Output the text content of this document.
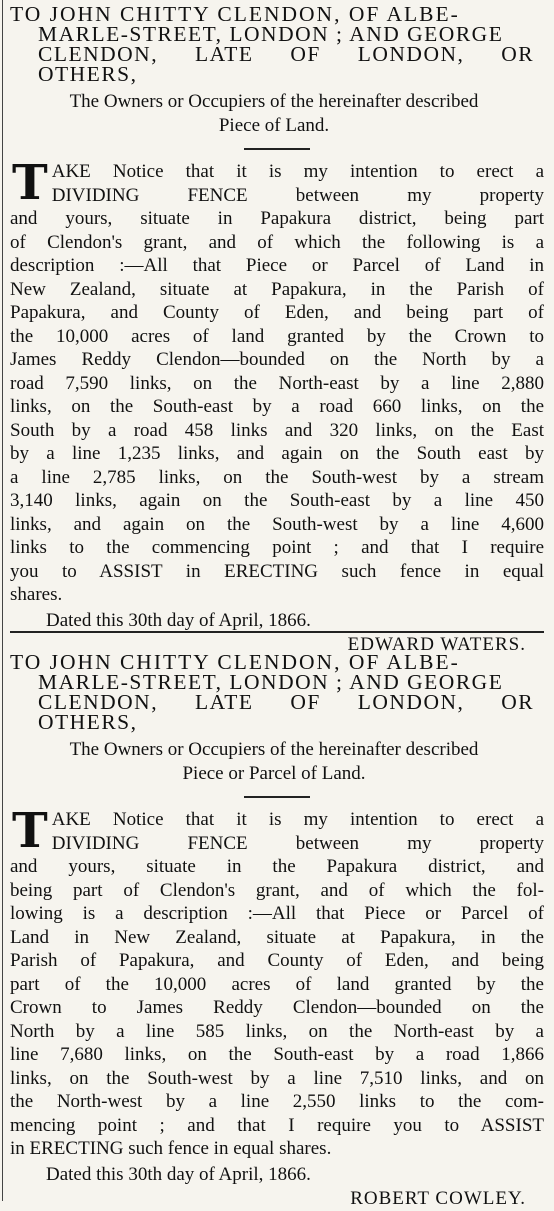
TO JOHN CHITTY CLENDON, OF ALBE-
MARLE-STREET, LONDON ; AND GEORGE
CLENDON, LATE OF LONDON, OR
OTHERS,
The Owners or Occupiers of the hereinafter described
Piece of Land.
T AKE Notice that it is my intention to erect a
DIVIDING FENCE between my property
and yours, situate in Papakura district, being part
of Clendon's grant, and of which the following is a
description :—All that Piece or Parcel of Land in
New Zealand, situate at Papakura, in the Parish of
Papakura, and County of Eden, and being part of
the 10,000 acres of land granted by the Crown to
James Reddy Clendon—bounded on the North by a
road 7,590 links, on the North-east by a line 2,880
links, on the South-east by a road 660 links, on the
South by a road 458 links and 320 links, on the East
by a line 1,235 links, and again on the South east by
a line 2,785 links, on the South-west by a stream
3,140 links, again on the South-east by a line 450
links, and again on the South-west by a line 4,600
links to the commencing point ; and that I require
you to ASSIST in ERECTING such fence in equal
shares.
Dated this 30th day of April, 1866.
EDWARD WATERS.
TO JOHN CHITTY CLENDON, OF ALBE-
MARLE-STREET, LONDON ; AND GEORGE
CLENDON, LATE OF LONDON, OR
OTHERS,
The Owners or Occupiers of the hereinafter described
Piece or Parcel of Land.
T AKE Notice that it is my intention to erect a
DIVIDING FENCE between my property
and yours, situate in the Papakura district, and
being part of Clendon's grant, and of which the fol-
lowing is a description :—All that Piece or Parcel of
Land in New Zealand, situate at Papakura, in the
Parish of Papakura, and County of Eden, and being
part of the 10,000 acres of land granted by the
Crown to James Reddy Clendon—bounded on the
North by a line 585 links, on the North-east by a
line 7,680 links, on the South-east by a road 1,866
links, on the South-west by a line 7,510 links, and on
the North-west by a line 2,550 links to the com-
mencing point ; and that I require you to ASSIST
in ERECTING such fence in equal shares.
Dated this 30th day of April, 1866.
ROBERT COWLEY.
